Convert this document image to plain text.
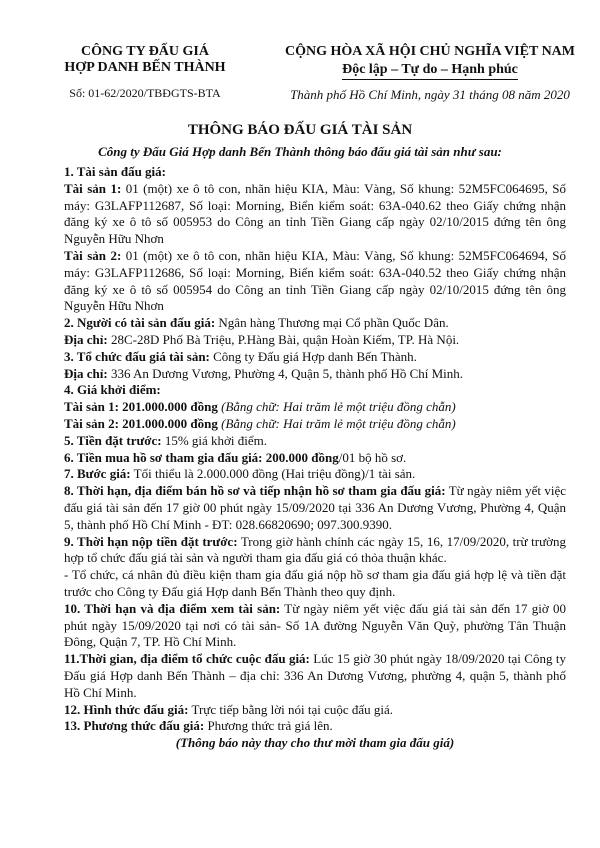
CÔNG TY ĐẤU GIÁ
HỢP DANH BẾN THÀNH
Số: 01-62/2020/TBĐGTS-BTA
CỘNG HÒA XÃ HỘI CHỦ NGHĨA VIỆT NAM
Độc lập – Tự do – Hạnh phúc
Thành phố Hồ Chí Minh, ngày 31 tháng 08 năm 2020
THÔNG BÁO ĐẤU GIÁ TÀI SẢN
Công ty Đấu Giá Hợp danh Bến Thành thông báo đấu giá tài sản như sau:

1. Tài sản đấu giá:

Tài sản 1: 01 (một) xe ô tô con, nhãn hiệu KIA, Màu: Vàng, Số khung: 52M5FC064695, Số máy: G3LAFP112687, Số loại: Morning, Biển kiểm soát: 63A-040.62 theo Giấy chứng nhận đăng ký xe ô tô số 005953 do Công an tỉnh Tiền Giang cấp ngày 02/10/2015 đứng tên ông Nguyễn Hữu Nhơn

Tài sản 2: 01 (một) xe ô tô con, nhãn hiệu KIA, Màu: Vàng, Số khung: 52M5FC064694, Số máy: G3LAFP112686, Số loại: Morning, Biển kiểm soát: 63A-040.52 theo Giấy chứng nhận đăng ký xe ô tô số 005954 do Công an tỉnh Tiền Giang cấp ngày 02/10/2015 đứng tên ông Nguyễn Hữu Nhơn

2. Người có tài sản đấu giá: Ngân hàng Thương mại Cổ phần Quốc Dân.

Địa chỉ: 28C-28D Phố Bà Triệu, P.Hàng Bài, quận Hoàn Kiếm, TP. Hà Nội.

3. Tổ chức đấu giá tài sản: Công ty Đấu giá Hợp danh Bến Thành.

Địa chỉ: 336 An Dương Vương, Phường 4, Quận 5, thành phố Hồ Chí Minh.

4. Giá khởi điểm:

Tài sản 1: 201.000.000 đồng (Bằng chữ: Hai trăm lẻ một triệu đồng chẵn)

Tài sản 2: 201.000.000 đồng (Bằng chữ: Hai trăm lẻ một triệu đồng chẵn)

5. Tiền đặt trước: 15% giá khởi điểm.

6. Tiền mua hồ sơ tham gia đấu giá: 200.000 đồng/01 bộ hồ sơ.

7. Bước giá: Tối thiểu là 2.000.000 đồng (Hai triệu đồng)/1 tài sản.

8. Thời hạn, địa điểm bán hồ sơ và tiếp nhận hồ sơ tham gia đấu giá: Từ ngày niêm yết việc đấu giá tài sản đến 17 giờ 00 phút ngày 15/09/2020 tại 336 An Dương Vương, Phường 4, Quận 5, thành phố Hồ Chí Minh - ĐT: 028.66820690; 097.300.9390.

9. Thời hạn nộp tiền đặt trước: Trong giờ hành chính các ngày 15, 16, 17/09/2020, trừ trường hợp tổ chức đấu giá tài sản và người tham gia đấu giá có thỏa thuận khác.

- Tổ chức, cá nhân đủ điều kiện tham gia đấu giá nộp hồ sơ tham gia đấu giá hợp lệ và tiền đặt trước cho Công ty Đấu giá Hợp danh Bến Thành theo quy định.

10. Thời hạn và địa điểm xem tài sản: Từ ngày niêm yết việc đấu giá tài sản đến 17 giờ 00 phút ngày 15/09/2020 tại nơi có tài sản- Số 1A đường Nguyễn Văn Quỳ, phường Tân Thuận Đông, Quận 7, TP. Hồ Chí Minh.

11.Thời gian, địa điểm tổ chức cuộc đấu giá: Lúc 15 giờ 30 phút ngày 18/09/2020 tại Công ty Đấu giá Hợp danh Bến Thành – địa chỉ: 336 An Dương Vương, phường 4, quận 5, thành phố Hồ Chí Minh.

12. Hình thức đấu giá: Trực tiếp bằng lời nói tại cuộc đấu giá.

13. Phương thức đấu giá: Phương thức trả giá lên.

(Thông báo này thay cho thư mời tham gia đấu giá)
